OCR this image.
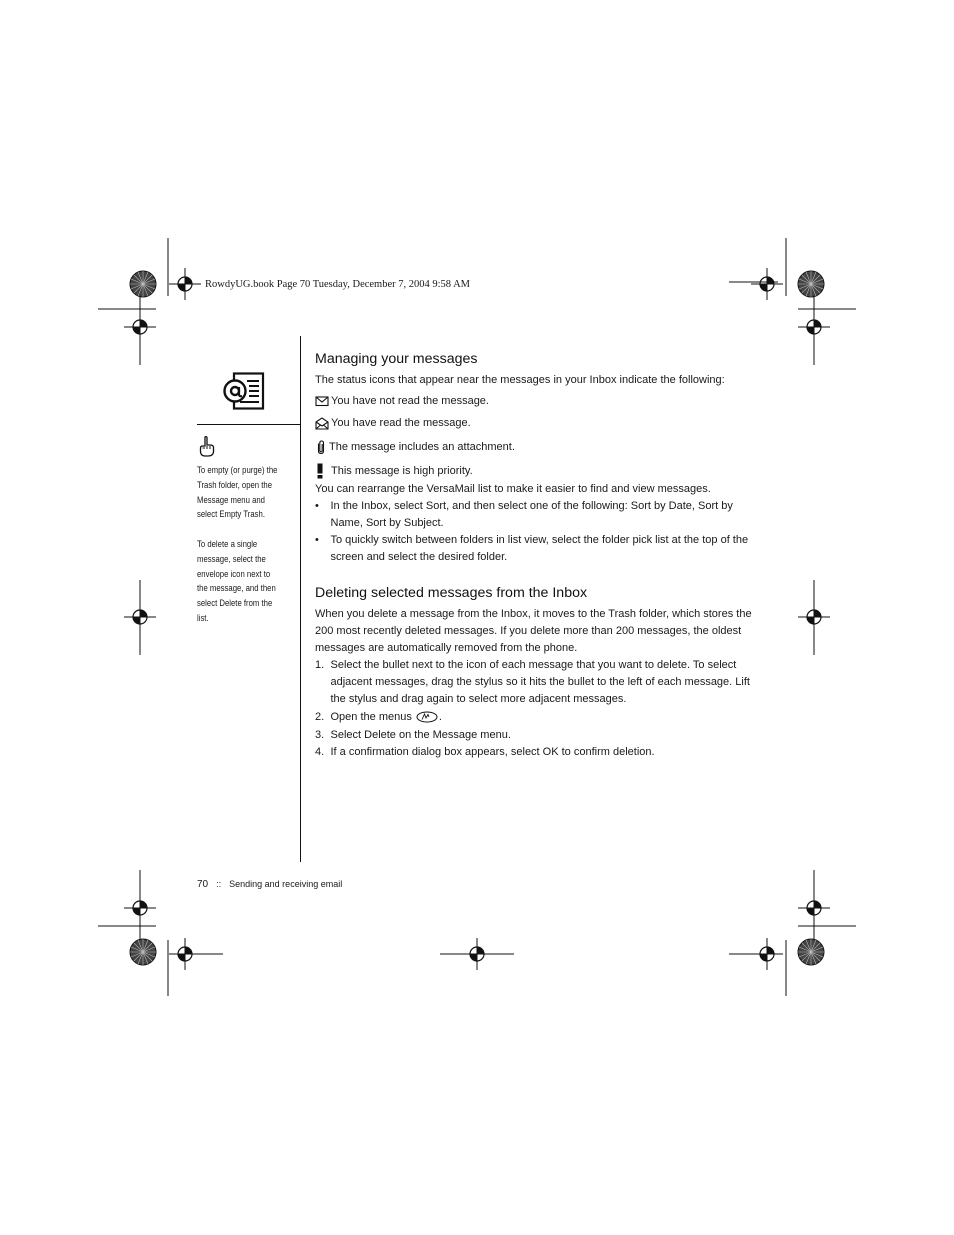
RowdyUG.book Page 70 Tuesday, December 7, 2004 9:58 AM
To empty (or purge) the Trash folder, open the Message menu and select Empty Trash.
To delete a single message, select the envelope icon next to the message, and then select Delete from the list.
Managing your messages
The status icons that appear near the messages in your Inbox indicate the following:
You have not read the message.
You have read the message.
The message includes an attachment.
This message is high priority.
You can rearrange the VersaMail list to make it easier to find and view messages.
•	In the Inbox, select Sort, and then select one of the following: Sort by Date, Sort by Name, Sort by Subject.
•	To quickly switch between folders in list view, select the folder pick list at the top of the screen and select the desired folder.
Deleting selected messages from the Inbox
When you delete a message from the Inbox, it moves to the Trash folder, which stores the 200 most recently deleted messages. If you delete more than 200 messages, the oldest messages are automatically removed from the phone.
1. Select the bullet next to the icon of each message that you want to delete. To select adjacent messages, drag the stylus so it hits the bullet to the left of each message. Lift the stylus and drag again to select more adjacent messages.
2. Open the menus .
3. Select Delete on the Message menu.
4. If a confirmation dialog box appears, select OK to confirm deletion.
70 :: Sending and receiving email
